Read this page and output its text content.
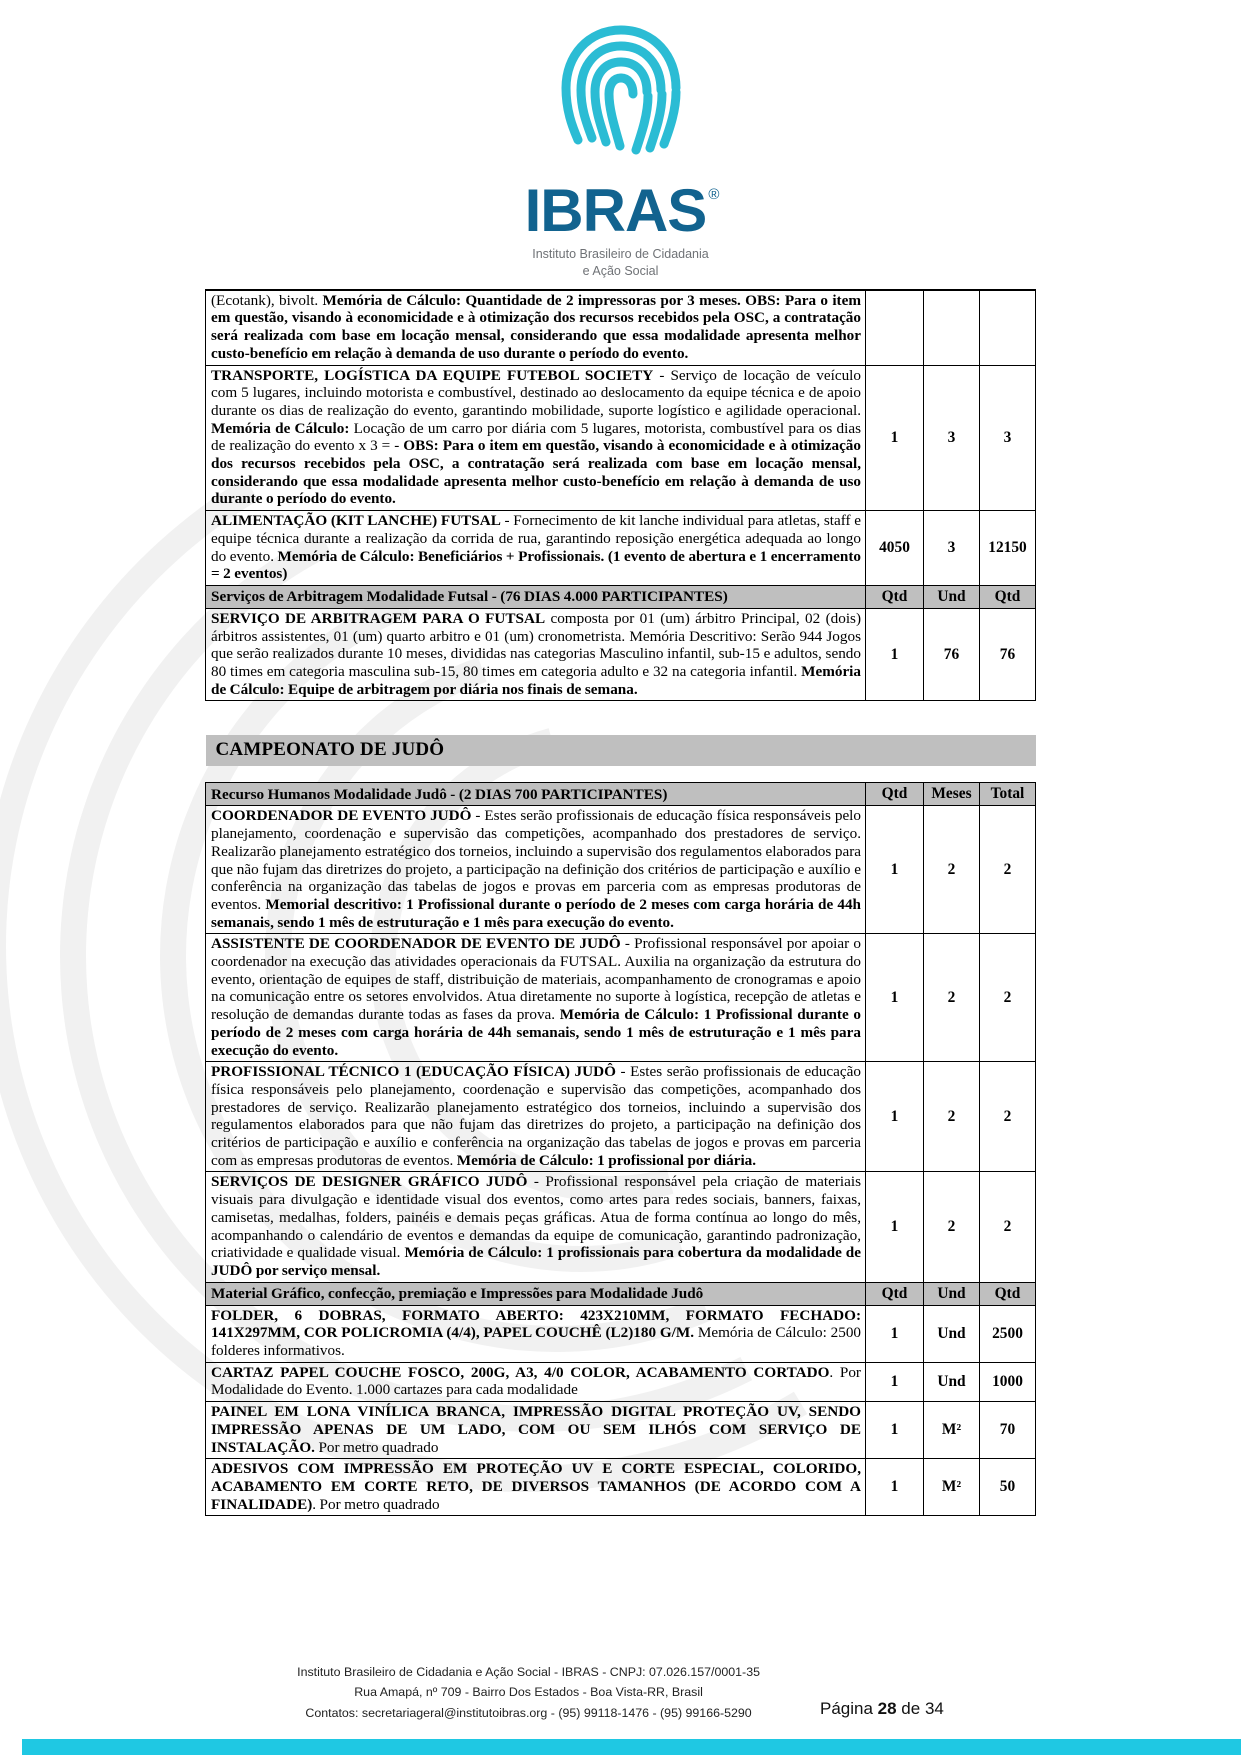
IBRAS ®
Instituto Brasileiro de Cidadania
e Ação Social
(Ecotank), bivolt. Memória de Cálculo: Quantidade de 2 impressoras por 3 meses. OBS: Para o item em questão, visando à economicidade e à otimização dos recursos recebidos pela OSC, a contratação será realizada com base em locação mensal, considerando que essa modalidade apresenta melhor custo-benefício em relação à demanda de uso durante o período do evento.			
TRANSPORTE, LOGÍSTICA DA EQUIPE FUTEBOL SOCIETY - Serviço de locação de veículo com 5 lugares, incluindo motorista e combustível, destinado ao deslocamento da equipe técnica e de apoio durante os dias de realização do evento, garantindo mobilidade, suporte logístico e agilidade operacional. Memória de Cálculo: Locação de um carro por diária com 5 lugares, motorista, combustível para os dias de realização do evento x 3 = - OBS: Para o item em questão, visando à economicidade e à otimização dos recursos recebidos pela OSC, a contratação será realizada com base em locação mensal, considerando que essa modalidade apresenta melhor custo-benefício em relação à demanda de uso durante o período do evento.	1	3	3
ALIMENTAÇÃO (KIT LANCHE) FUTSAL - Fornecimento de kit lanche individual para atletas, staff e equipe técnica durante a realização da corrida de rua, garantindo reposição energética adequada ao longo do evento. Memória de Cálculo: Beneficiários + Profissionais. (1 evento de abertura e 1 encerramento = 2 eventos)	4050	3	12150
Serviços de Arbitragem Modalidade Futsal - (76 DIAS 4.000 PARTICIPANTES)	Qtd	Und	Qtd
SERVIÇO DE ARBITRAGEM PARA O FUTSAL composta por 01 (um) árbitro Principal, 02 (dois) árbitros assistentes, 01 (um) quarto arbitro e 01 (um) cronometrista. Memória Descritivo: Serão 944 Jogos que serão realizados durante 10 meses, divididas nas categorias Masculino infantil, sub-15 e adultos, sendo 80 times em categoria masculina sub-15, 80 times em categoria adulto e 32 na categoria infantil. Memória de Cálculo: Equipe de arbitragem por diária nos finais de semana.	1	76	76
CAMPEONATO DE JUDÔ
Recurso Humanos Modalidade Judô - (2 DIAS 700 PARTICIPANTES)	Qtd	Meses	Total
COORDENADOR DE EVENTO JUDÔ - Estes serão profissionais de educação física responsáveis pelo planejamento, coordenação e supervisão das competições, acompanhado dos prestadores de serviço. Realizarão planejamento estratégico dos torneios, incluindo a supervisão dos regulamentos elaborados para que não fujam das diretrizes do projeto, a participação na definição dos critérios de participação e auxílio e conferência na organização das tabelas de jogos e provas em parceria com as empresas produtoras de eventos. Memorial descritivo: 1 Profissional durante o período de 2 meses com carga horária de 44h semanais, sendo 1 mês de estruturação e 1 mês para execução do evento.	1	2	2
ASSISTENTE DE COORDENADOR DE EVENTO DE JUDÔ - Profissional responsável por apoiar o coordenador na execução das atividades operacionais da FUTSAL. Auxilia na organização da estrutura do evento, orientação de equipes de staff, distribuição de materiais, acompanhamento de cronogramas e apoio na comunicação entre os setores envolvidos. Atua diretamente no suporte à logística, recepção de atletas e resolução de demandas durante todas as fases da prova. Memória de Cálculo: 1 Profissional durante o período de 2 meses com carga horária de 44h semanais, sendo 1 mês de estruturação e 1 mês para execução do evento.	1	2	2
PROFISSIONAL TÉCNICO 1 (EDUCAÇÃO FÍSICA) JUDÔ - Estes serão profissionais de educação física responsáveis pelo planejamento, coordenação e supervisão das competições, acompanhado dos prestadores de serviço. Realizarão planejamento estratégico dos torneios, incluindo a supervisão dos regulamentos elaborados para que não fujam das diretrizes do projeto, a participação na definição dos critérios de participação e auxílio e conferência na organização das tabelas de jogos e provas em parceria com as empresas produtoras de eventos. Memória de Cálculo: 1 profissional por diária.	1	2	2
SERVIÇOS DE DESIGNER GRÁFICO JUDÔ - Profissional responsável pela criação de materiais visuais para divulgação e identidade visual dos eventos, como artes para redes sociais, banners, faixas, camisetas, medalhas, folders, painéis e demais peças gráficas. Atua de forma contínua ao longo do mês, acompanhando o calendário de eventos e demandas da equipe de comunicação, garantindo padronização, criatividade e qualidade visual. Memória de Cálculo: 1 profissionais para cobertura da modalidade de JUDÔ por serviço mensal.	1	2	2
Material Gráfico, confecção, premiação e Impressões para Modalidade Judô	Qtd	Und	Qtd
FOLDER, 6 DOBRAS, FORMATO ABERTO: 423X210MM, FORMATO FECHADO: 141X297MM, COR POLICROMIA (4/4), PAPEL COUCHÊ (L2)180 G/M. Memória de Cálculo: 2500 folderes informativos.	1	Und	2500
CARTAZ PAPEL COUCHE FOSCO, 200G, A3, 4/0 COLOR, ACABAMENTO CORTADO. Por Modalidade do Evento. 1.000 cartazes para cada modalidade	1	Und	1000
PAINEL EM LONA VINÍLICA BRANCA, IMPRESSÃO DIGITAL PROTEÇÃO UV, SENDO IMPRESSÃO APENAS DE UM LADO, COM OU SEM ILHÓS COM SERVIÇO DE INSTALAÇÃO. Por metro quadrado	1	M²	70
ADESIVOS COM IMPRESSÃO EM PROTEÇÃO UV E CORTE ESPECIAL, COLORIDO, ACABAMENTO EM CORTE RETO, DE DIVERSOS TAMANHOS (DE ACORDO COM A FINALIDADE). Por metro quadrado	1	M²	50
Instituto Brasileiro de Cidadania e Ação Social - IBRAS - CNPJ: 07.026.157/0001-35
Rua Amapá, nº 709 - Bairro Dos Estados - Boa Vista-RR, Brasil
Contatos: secretariageral@institutoibras.org - (95) 99118-1476 - (95) 99166-5290	Página 28 de 34
